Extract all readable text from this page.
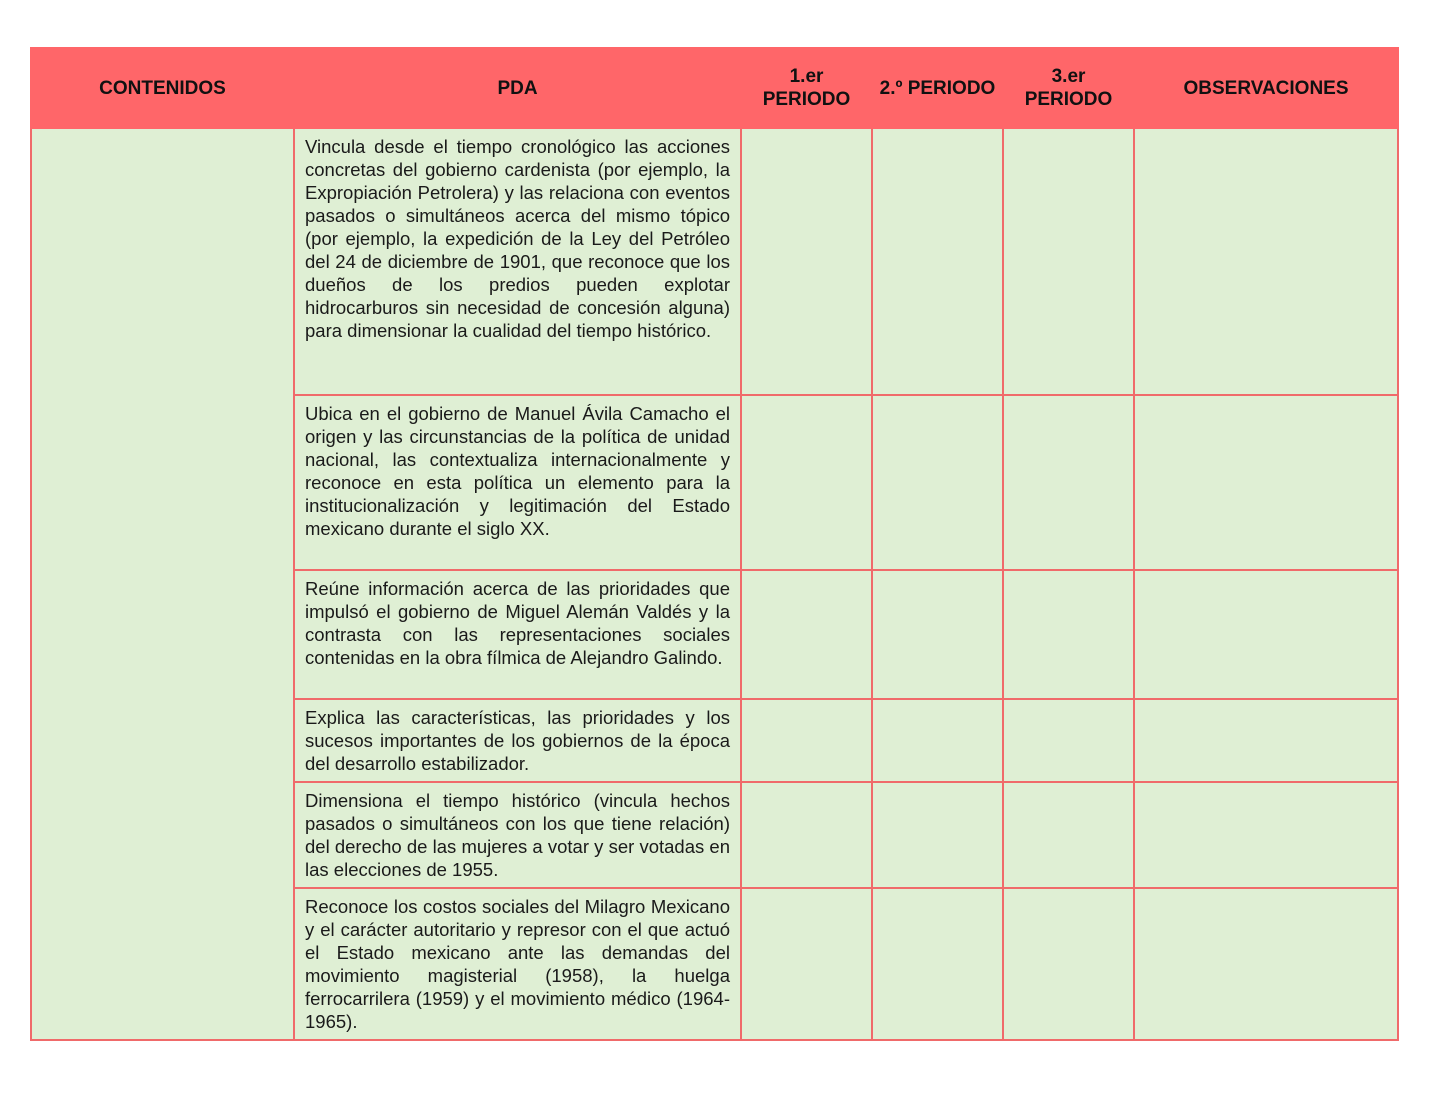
CONTENIDOS	PDA	1.er PERIODO	2.º PERIODO	3.er PERIODO	OBSERVACIONES
	Vincula desde el tiempo cronológico las acciones concretas del gobierno cardenista (por ejemplo, la Expropiación Petrolera) y las relaciona con eventos pasados o simultáneos acerca del mismo tópico (por ejemplo, la expedición de la Ley del Petróleo del 24 de diciembre de 1901, que reconoce que los dueños de los predios pueden explotar hidrocarburos sin necesidad de concesión alguna) para dimensionar la cualidad del tiempo histórico.				
	Ubica en el gobierno de Manuel Ávila Camacho el origen y las circunstancias de la política de unidad nacional, las contextualiza internacionalmente y reconoce en esta política un elemento para la institucionalización y legitimación del Estado mexicano durante el siglo XX.				
	Reúne información acerca de las prioridades que impulsó el gobierno de Miguel Alemán Valdés y la contrasta con las representaciones sociales contenidas en la obra fílmica de Alejandro Galindo.				
	Explica las características, las prioridades y los sucesos importantes de los gobiernos de la época del desarrollo estabilizador.				
	Dimensiona el tiempo histórico (vincula hechos pasados o simultáneos con los que tiene relación) del derecho de las mujeres a votar y ser votadas en las elecciones de 1955.				
	Reconoce los costos sociales del Milagro Mexicano y el carácter autoritario y represor con el que actuó el Estado mexicano ante las demandas del movimiento magisterial (1958), la huelga ferrocarrilera (1959) y el movimiento médico (1964-1965).				
